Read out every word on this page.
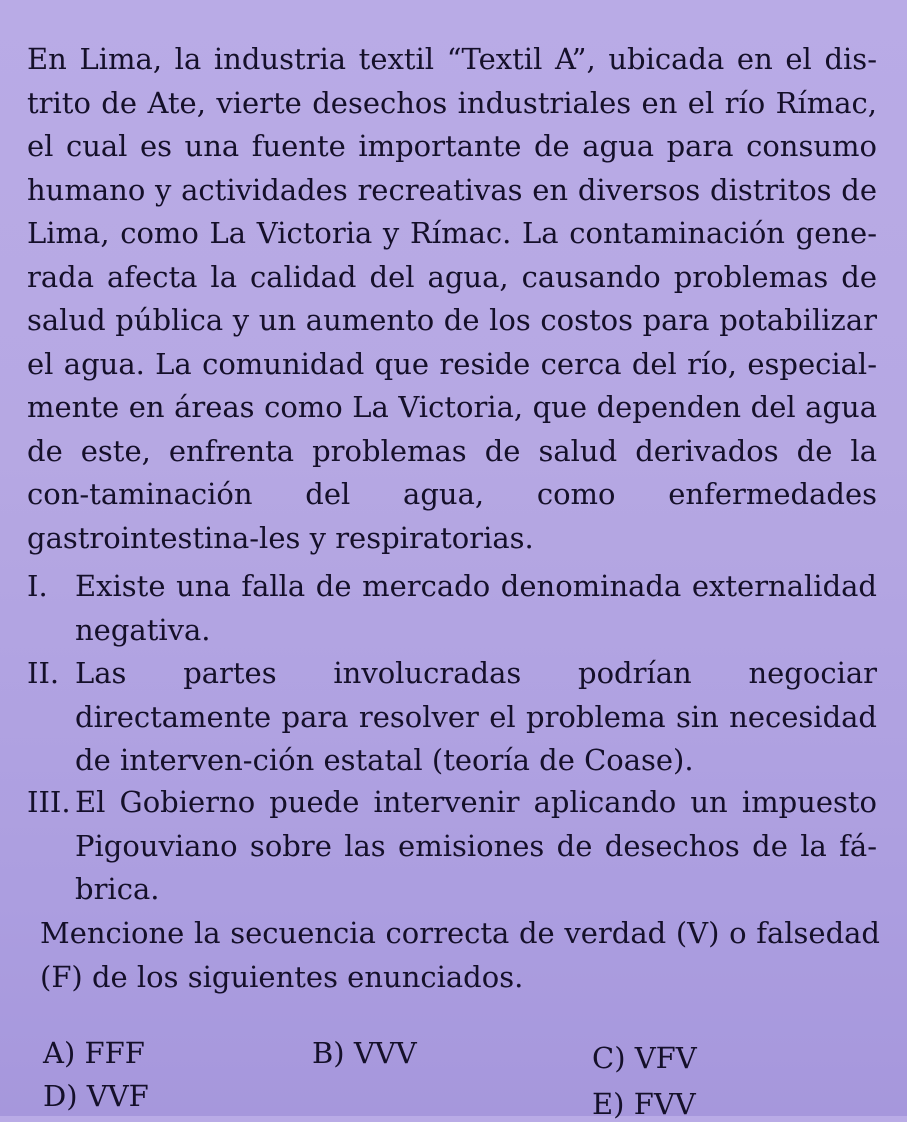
En Lima, la industria textil “Textil A”, ubicada en el dis-trito de Ate, vierte desechos industriales en el río Rímac, el cual es una fuente importante de agua para consumo humano y actividades recreativas en diversos distritos de Lima, como La Victoria y Rímac. La contaminación gene-rada afecta la calidad del agua, causando problemas de salud pública y un aumento de los costos para potabilizar el agua. La comunidad que reside cerca del río, especial-mente en áreas como La Victoria, que dependen del agua de este, enfrenta problemas de salud derivados de la con-taminación del agua, como enfermedades gastrointestina-les y respiratorias.
I. Existe una falla de mercado denominada externalidad negativa.
II. Las partes involucradas podrían negociar directamente para resolver el problema sin necesidad de interven-ción estatal (teoría de Coase).
III. El Gobierno puede intervenir aplicando un impuesto Pigouviano sobre las emisiones de desechos de la fá-brica.
Mencione la secuencia correcta de verdad (V) o falsedad (F) de los siguientes enunciados.
A) FFF	B) VVV	C) VFV
D) VVF	E) FVV
